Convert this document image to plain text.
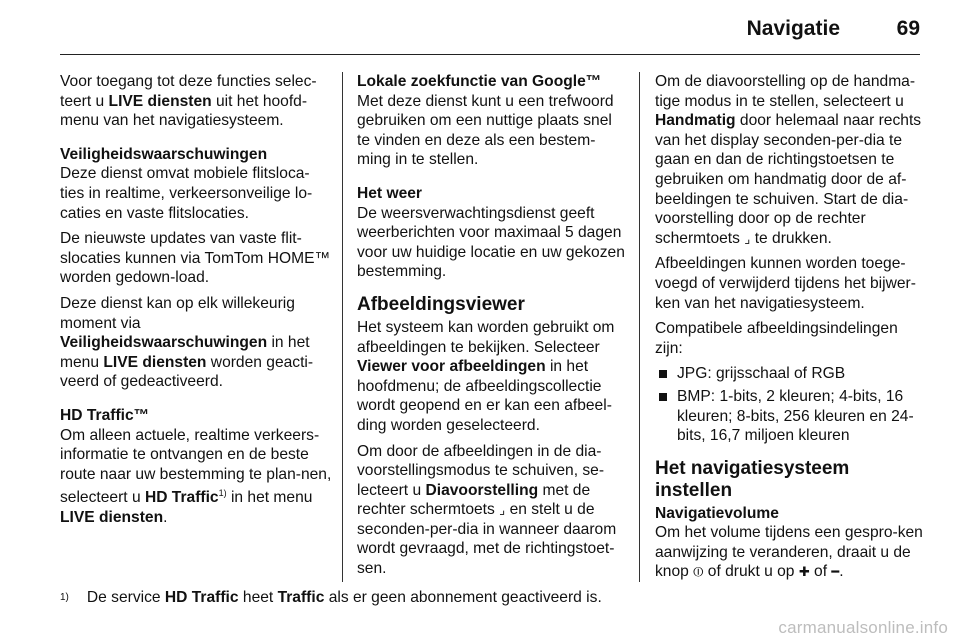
Navigatie	69

Voor toegang tot deze functies selec-teert u LIVE diensten uit het hoofd-menu van het navigatiesysteem.

Veiligheidswaarschuwingen

Deze dienst omvat mobiele flitsloca-ties in realtime, verkeersonveilige lo-caties en vaste flitslocaties.

De nieuwste updates van vaste flit-slocaties kunnen via TomTom HOME™ worden gedown-load.

Deze dienst kan op elk willekeurig moment via Veiligheidswaarschuwingen in het menu LIVE diensten worden geacti-veerd of gedeactiveerd.

HD Traffic™

Om alleen actuele, realtime verkeers-informatie te ontvangen en de beste route naar uw bestemming te plan-nen, selecteert u HD Traffic$^{1)}$ in het menu LIVE diensten.

Lokale zoekfunctie van Google™

Met deze dienst kunt u een trefwoord gebruiken om een nuttige plaats snel te vinden en deze als een bestem-ming in te stellen.

Het weer

De weersverwachtingsdienst geeft weerberichten voor maximaal 5 dagen voor uw huidige locatie en uw gekozen bestemming.

Afbeeldingsviewer

Het systeem kan worden gebruikt om afbeeldingen te bekijken. Selecteer Viewer voor afbeeldingen in het hoofdmenu; de afbeeldingscollectie wordt geopend en er kan een afbeel-ding worden geselecteerd.

Om door de afbeeldingen in de dia-voorstellingsmodus te schuiven, se-lecteert u Diavoorstelling met de rechter schermtoets ⌟ en stelt u de seconden-per-dia in wanneer daarom wordt gevraagd, met de richtingstoet-sen.

Om de diavoorstelling op de handma-tige modus in te stellen, selecteert u Handmatig door helemaal naar rechts van het display seconden-per-dia te gaan en dan de richtingstoetsen te gebruiken om handmatig door de af-beeldingen te schuiven. Start de dia-voorstelling door op de rechter schermtoets ⌟ te drukken.

Afbeeldingen kunnen worden toege-voegd of verwijderd tijdens het bijwer-ken van het navigatiesysteem.

Compatibele afbeeldingsindelingen zijn:

JPG: grijsschaal of RGB
BMP: 1-bits, 2 kleuren; 4-bits, 16 kleuren; 8-bits, 256 kleuren en 24-bits, 16,7 miljoen kleuren
Het navigatiesysteem instellen
Navigatievolume

Om het volume tijdens een gespro-ken aanwijzing te veranderen, draait u de knop ⏼ of drukt u op ✚ of ━.

$^{1)}$ De service HD Traffic heet Traffic als er geen abonnement geactiveerd is.
carmanualsonline.info
